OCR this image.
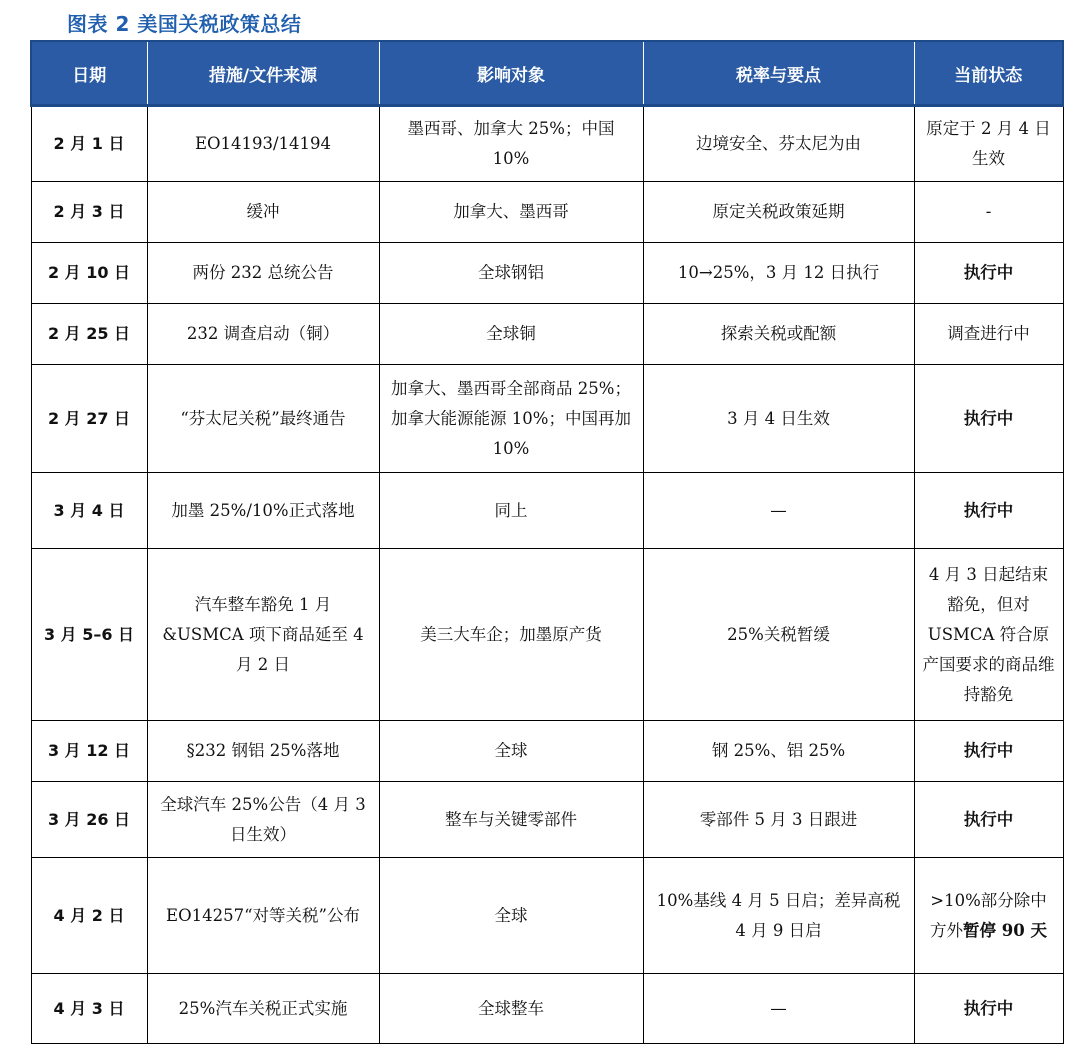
图表 2 美国关税政策总结
日期	措施/文件来源	影响对象	税率与要点	当前状态
2 月 1 日	EO14193/14194	墨西哥、加拿大 25%；中国 10%	边境安全、芬太尼为由	原定于 2 月 4 日生效
2 月 3 日	缓冲	加拿大、墨西哥	原定关税政策延期	-
2 月 10 日	两份 232 总统公告	全球钢铝	10→25%，3 月 12 日执行	执行中
2 月 25 日	232 调查启动（铜）	全球铜	探索关税或配额	调查进行中
2 月 27 日	“芬太尼关税”最终通告	加拿大、墨西哥全部商品 25%；加拿大能源能源 10%；中国再加 10%	3 月 4 日生效	执行中
3 月 4 日	加墨 25%/10%正式落地	同上	—	执行中
3 月 5–6 日	汽车整车豁免 1 月 &USMCA 项下商品延至 4 月 2 日	美三大车企；加墨原产货	25%关税暂缓	4 月 3 日起结束豁免，但对 USMCA 符合原产国要求的商品维持豁免
3 月 12 日	§232 钢铝 25%落地	全球	钢 25%、铝 25%	执行中
3 月 26 日	全球汽车 25%公告（4 月 3 日生效）	整车与关键零部件	零部件 5 月 3 日跟进	执行中
4 月 2 日	EO14257“对等关税”公布	全球	10%基线 4 月 5 日启；差异高税 4 月 9 日启	>10%部分除中方外暂停 90 天
4 月 3 日	25%汽车关税正式实施	全球整车	—	执行中
